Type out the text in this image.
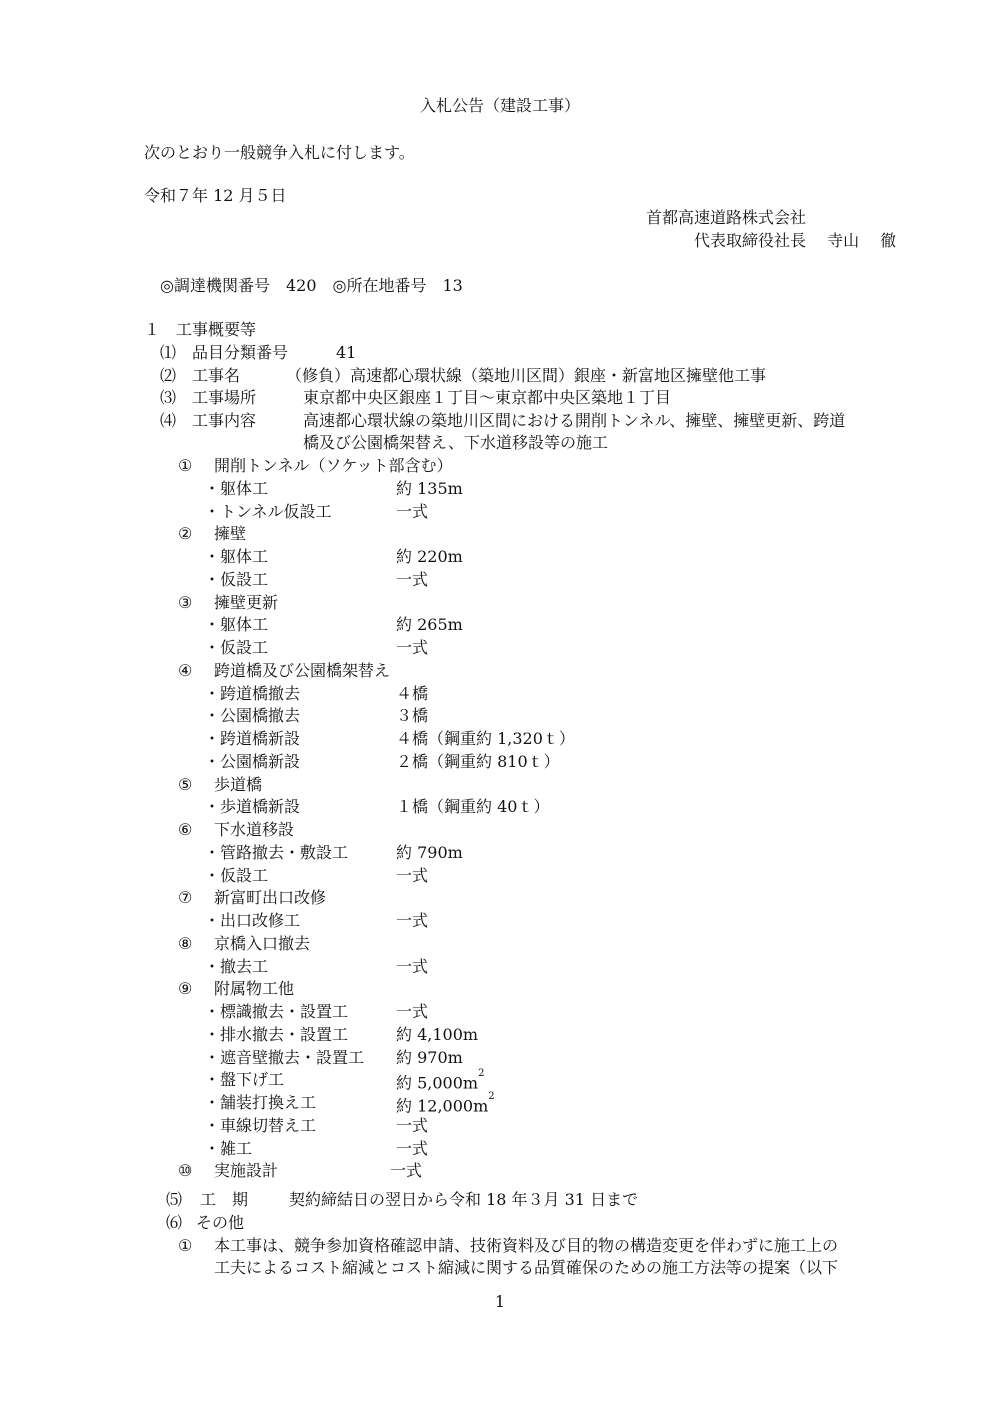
入札公告（建設工事）
次のとおり一般競争入札に付します。
令和７年 12 月５日
首都高速道路株式会社
代表取締役社長　 寺山　 徹
◎調達機関番号　420　◎所在地番号　13
１　工事概要等
⑴ 品目分類番号	41
⑵ 工事名	（修負）高速都心環状線（築地川区間）銀座・新富地区擁壁他工事
⑶ 工事場所	東京都中央区銀座１丁目～東京都中央区築地１丁目
⑷ 工事内容	高速都心環状線の築地川区間における開削トンネル、擁壁、擁壁更新、跨道
橋及び公園橋架替え、下水道移設等の施工
① 開削トンネル（ソケット部含む）
・躯体工	約 135m
・トンネル仮設工	一式
② 擁壁
・躯体工	約 220m
・仮設工	一式
③ 擁壁更新
・躯体工	約 265m
・仮設工	一式
④ 跨道橋及び公園橋架替え
・跨道橋撤去	４橋
・公園橋撤去	３橋
・跨道橋新設	４橋（鋼重約 1,320ｔ）
・公園橋新設	２橋（鋼重約 810ｔ）
⑤ 歩道橋
・歩道橋新設	１橋（鋼重約 40ｔ）
⑥ 下水道移設
・管路撤去・敷設工	約 790m
・仮設工	一式
⑦ 新富町出口改修
・出口改修工	一式
⑧ 京橋入口撤去
・撤去工	一式
⑨ 附属物工他
・標識撤去・設置工	一式
・排水撤去・設置工	約 4,100m
・遮音壁撤去・設置工 約 970m
・盤下げ工	約 $5,000m^2$
・舗装打換え工	約 $12,000m^2$
・車線切替え工	一式
・雑工	一式
⑩ 実施設計	一式
⑸ 工　期	契約締結日の翌日から令和 18 年３月 31 日まで
⑹ その他
① 本工事は、競争参加資格確認申請、技術資料及び目的物の構造変更を伴わずに施工上の
工夫によるコスト縮減とコスト縮減に関する品質確保のための施工方法等の提案（以下
1
